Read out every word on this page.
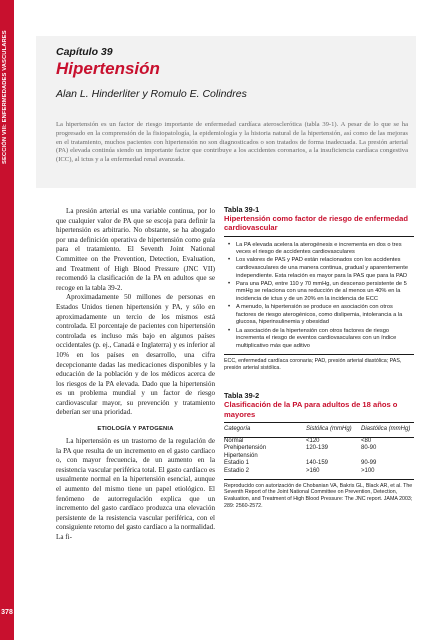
SECCIÓN VIII: ENFERMEDADES VASCULARES
378
Capítulo 39
Hipertensión
Alan L. Hinderliter y Romulo E. Colindres

La hipertensión es un factor de riesgo importante de enfermedad cardíaca aterosclerótica (tabla 39-1). A pesar de lo que se ha progresado en la comprensión de la fisiopatología, la epidemiología y la historia natural de la hipertensión, así como de las mejoras en el tratamiento, muchos pacientes con hipertensión no son diagnosticados o son tratados de forma inadecuada. La presión arterial (PA) elevada continúa siendo un importante factor que contribuye a los accidentes coronarios, a la insuficiencia cardíaca congestiva (ICC), al ictus y a la enfermedad renal avanzada.

La presión arterial es una variable continua, por lo que cualquier valor de PA que se escoja para definir la hipertensión es arbitrario. No obstante, se ha abogado por una definición operativa de hipertensión como guía para el tratamiento. El Seventh Joint National Committee on the Prevention, Detection, Evaluation, and Treatment of High Blood Pressure (JNC VII) recomendó la clasificación de la PA en adultos que se recoge en la tabla 39-2.

Aproximadamente 50 millones de personas en Estados Unidos tienen hipertensión y PA, y sólo en aproximadamente un tercio de los mismos está controlada. El porcentaje de pacientes con hipertensión controlada es incluso más bajo en algunos países occidentales (p. ej., Canadá e Inglaterra) y es inferior al 10% en los países en desarrollo, una cifra decepcionante dadas las medicaciones disponibles y la educación de la población y de los médicos acerca de los riesgos de la PA elevada. Dado que la hipertensión es un problema mundial y un factor de riesgo cardiovascular mayor, su prevención y tratamiento deberían ser una prioridad.

ETIOLOGÍA Y PATOGENIA

La hipertensión es un trastorno de la regulación de la PA que resulta de un incremento en el gasto cardíaco o, con mayor frecuencia, de un aumento en la resistencia vascular periférica total. El gasto cardíaco es usualmente normal en la hipertensión esencial, aunque el aumento del mismo tiene un papel etiológico. El fenómeno de autorregulación explica que un incremento del gasto cardíaco produzca una elevación persistente de la resistencia vascular periférica, con el consiguiente retorno del gasto cardíaco a la normalidad. La fi-

Tabla 39-1
Hipertensión como factor de riesgo de enfermedad cardiovascular
• La PA elevada acelera la aterogénesis e incrementa en dos o tres veces el riesgo de accidentes cardiovasculares
• Los valores de PAS y PAD están relacionados con los accidentes cardiovasculares de una manera continua, gradual y aparentemente independiente. Esta relación es mayor para la PAS que para la PAD
• Para una PAD, entre 110 y 70 mmHg, un descenso persistente de 5 mmHg se relaciona con una reducción de al menos un 40% en la incidencia de ictus y de un 20% en la incidencia de ECC
• A menudo, la hipertensión se produce en asociación con otros factores de riesgo aterogénicos, como dislipemia, intolerancia a la glucosa, hiperinsulinemia y obesidad
• La asociación de la hipertensión con otros factores de riesgo incrementa el riesgo de eventos cardiovasculares con un índice multiplicativo más que aditivo
ECC, enfermedad cardíaca coronaria; PAD, presión arterial diastólica; PAS, presión arterial sistólica.
Tabla 39-2
Clasificación de la PA para adultos de 18 años o mayores
Categoría	Sistólica (mmHg)	Diastólica (mmHg)
Normal	<120	<80
Prehipertensión	120-139	80-90
Hipertensión		
Estadio 1	140-159	90-99
Estadio 2	>160	>100
Reproducido con autorización de Chobanian VA, Bakris GL, Black AR, et al. The Seventh Report of the Joint National Committee on Prevention, Detection, Evaluation, and Treatment of High Blood Pressure: The JNC report. JAMA 2003; 289: 2560-2572.
